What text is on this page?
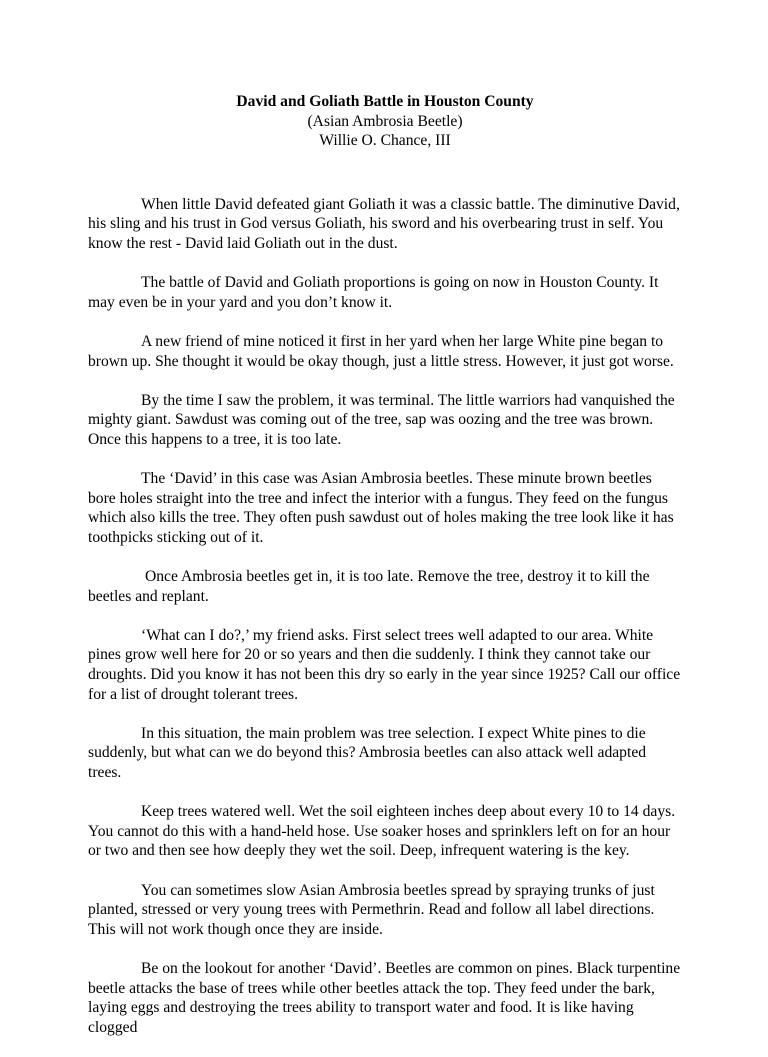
David and Goliath Battle in Houston County
(Asian Ambrosia Beetle)
Willie O. Chance, III

When little David defeated giant Goliath it was a classic battle. The diminutive David, his sling and his trust in God versus Goliath, his sword and his overbearing trust in self. You know the rest - David laid Goliath out in the dust.

The battle of David and Goliath proportions is going on now in Houston County. It may even be in your yard and you don’t know it.

A new friend of mine noticed it first in her yard when her large White pine began to brown up. She thought it would be okay though, just a little stress. However, it just got worse.

By the time I saw the problem, it was terminal. The little warriors had vanquished the mighty giant. Sawdust was coming out of the tree, sap was oozing and the tree was brown. Once this happens to a tree, it is too late.

The ‘David’ in this case was Asian Ambrosia beetles. These minute brown beetles bore holes straight into the tree and infect the interior with a fungus. They feed on the fungus which also kills the tree. They often push sawdust out of holes making the tree look like it has toothpicks sticking out of it.

Once Ambrosia beetles get in, it is too late. Remove the tree, destroy it to kill the beetles and replant.

‘What can I do?,’ my friend asks. First select trees well adapted to our area. White pines grow well here for 20 or so years and then die suddenly. I think they cannot take our droughts. Did you know it has not been this dry so early in the year since 1925? Call our office for a list of drought tolerant trees.

In this situation, the main problem was tree selection. I expect White pines to die suddenly, but what can we do beyond this? Ambrosia beetles can also attack well adapted trees.

Keep trees watered well. Wet the soil eighteen inches deep about every 10 to 14 days. You cannot do this with a hand-held hose. Use soaker hoses and sprinklers left on for an hour or two and then see how deeply they wet the soil. Deep, infrequent watering is the key.

You can sometimes slow Asian Ambrosia beetles spread by spraying trunks of just planted, stressed or very young trees with Permethrin. Read and follow all label directions. This will not work though once they are inside.

Be on the lookout for another ‘David’. Beetles are common on pines. Black turpentine beetle attacks the base of trees while other beetles attack the top. They feed under the bark, laying eggs and destroying the trees ability to transport water and food. It is like having clogged
